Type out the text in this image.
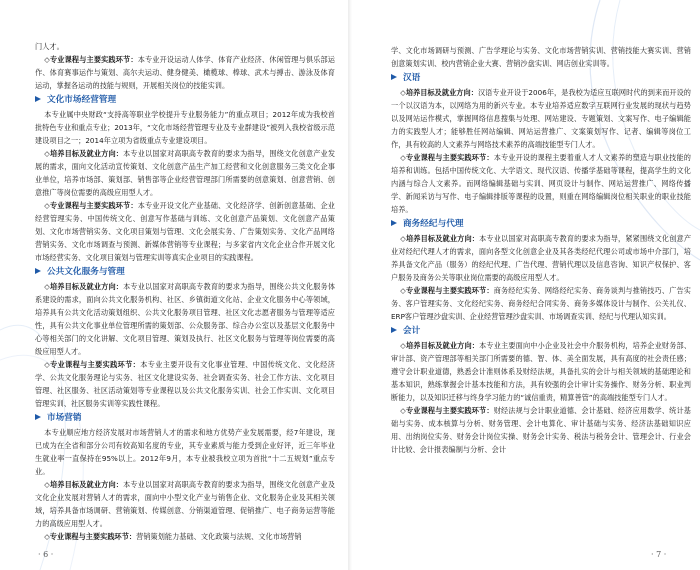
门人才。

◇专业课程与主要实践环节：本专业开设运动人体学、体育产业经济、休闲管理与俱乐部运作、体育赛事运作与策划、高尔夫运动、健身健美、橄榄球、棒球、武术与搏击、游泳及体育运动，掌握各运动的技能与规则，开展相关岗位的技能实训。

文化市场经营管理

本专业属中央财政“支持高等职业学校提升专业服务能力”的重点项目；2012年成为我校首批特色专业和重点专业；2013年，“文化市场经营管理专业及专业群建设”被列入我校省级示范建设项目之一；2014年立项为省级重点专业建设项目。

◇培养目标及就业方向：本专业以国家对高职高专教育的要求为指导，围绕文化创意产业发展的需求，面向文化活动宣传策划、文化创意产品生产加工经营和文化创意服务三类文化企事业单位，培养市场部、策划部、销售部等企业经营管理部门所需要的创意策划、创意营销、创意推广等岗位需要的高级应用型人才。

◇专业课程与主要实践环节：本专业开设文化产业基础、文化经济学、创新创意基础、企业经营管理实务、中国传统文化、创意写作基础与训练、文化创意产品策划、文化创意产品策划、文化市场营销实务、文化项目策划与管理、文化会展实务、广告策划实务、文化产品网络营销实务、文化市场调查与预测、新媒体营销等专业课程；与多家省内文化企业合作开展文化市场经营实务、文化项目策划与管理实训等真实企业项目的实践课程。

公共文化服务与管理

◇培养目标及就业方向：本专业以国家对高职高专教育的要求为指导，围绕公共文化服务体系建设的需求，面向公共文化服务机构、社区、乡镇街道文化站、企业文化服务中心等领域，培养具有公共文化活动策划组织、公共文化服务项目管理、社区文化志愿者服务与管理等适应性，具有公共文化事业单位管理所需的策划部、公众服务部、综合办公室以及基层文化服务中心等相关部门的文化讲解、文化项目管理、策划及执行、社区文化服务与管理等岗位需要的高级应用型人才。

◇专业课程与主要实践环节：本专业主要开设有文化事业管理、中国传统文化、文化经济学、公共文化服务理论与实务、社区文化建设实务、社会调查实务、社会工作方法、文化项目管理、社区服务、社区活动策划等专业课程以及公共文化服务实训、社会工作实训、文化项目管理实训、社区服务实训等实践性课程。

市场营销

本专业顺应地方经济发展对市场营销人才的需求和地方优势产业发展需要，经7年建设，现已成为在全省和部分公司有较高知名度的专业，其专业素质与能力受到企业好评，近三年毕业生就业率一直保持在95%以上。2012年9月，本专业被我校立项为首批“十二五规划”重点专业。

◇培养目标及就业方向：本专业以国家对高职高专教育的要求为指导，围绕文化创意产业及文化企业发展对营销人才的需求，面向中小型文化产业与销售企业、文化服务企业及其相关领域，培养具备市场调研、营销策划、传媒创意、分销渠道管理、促销推广、电子商务运营等能力的高级应用型人才。

◇专业课程与主要实践环节：营销策划能力基础、文化政策与法规、文化市场营销

学、文化市场调研与预测、广告学理论与实务、文化市场营销实训、营销技能大赛实训、营销创意策划实训、校内营销企业大赛、营销沙盘实训、网店创业实训等。

汉语

◇培养目标及就业方向：汉语专业开设于2006年，是我校为适应互联网时代的到来而开设的一个以汉语为本，以网络为用的新兴专业。本专业培养适应数字互联网行业发展的现状与趋势以及网站运作模式，掌握网络信息搜集与处理、网站建设、专题策划、文案写作、电子编辑能力的实践型人才；能够胜任网站编辑、网站运营推广、文案策划写作、记者、编辑等岗位工作，具有较高的人文素养与网络技术素养的高端技能型专门人才。

◇专业课程与主要实践环节：本专业开设的课程主要着重人才人文素养的塑造与职业技能的培养和训练。包括中国传统文化、大学语文、现代汉语、传播学基础等课程，提高学生的文化内涵与综合人文素养。而网络编辑基础与实训、网页设计与制作、网站运营推广、网络传播学、新闻采访与写作、电子编辑排版等课程的设置，则重在网络编辑岗位相关职业的职业技能培养。

商务经纪与代理

◇培养目标及就业方向：本专业以国家对高职高专教育的要求为指导，紧紧围绕文化创意产业对经纪代理人才的需求，面向各型文化创意企业及其各类经纪代理公司或市场中介部门，培养具备文化产品（服务）的经纪代理、广告代理、营销代理以及信息咨询、知识产权保护、客户服务及商务公关等职业岗位需要的高级应用型人才。

◇专业课程与主要实践环节：商务经纪实务、网络经纪实务、商务谈判与推销技巧、广告实务、客户管理实务、文化经纪实务、商务经纪合同实务、商务多媒体设计与制作、公关礼仪、ERP客户管理沙盘实训、企业经营管理沙盘实训、市场调查实训、经纪与代理认知实训。

会计

◇培养目标及就业方向：本专业主要面向中小企业及社会中介服务机构，培养企业财务部、审计部、资产管理部等相关部门所需要的德、智、体、美全面发展，具有高度的社会责任感；遵守会计职业道德，熟悉会计准则体系及财经法规，具备扎实的会计与相关领域的基础理论和基本知识，熟练掌握会计基本技能和方法，具有较强的会计审计实务操作、财务分析、职业判断能力，以及知识迁移与终身学习能力的“诚信重责，精算善管”的高端技能型专门人才。

◇专业课程与主要实践环节：财经法规与会计职业道德、会计基础、经济应用数学、统计基础与实务、成本核算与分析、财务管理、会计电算化、审计基础与实务、经济法基础知识应用、出纳岗位实务、财务会计岗位实操、财务会计实务、税法与税务会计、管理会计、行业会计比较、会计报表编制与分析、会计

· 6 ·	· 7 ·
